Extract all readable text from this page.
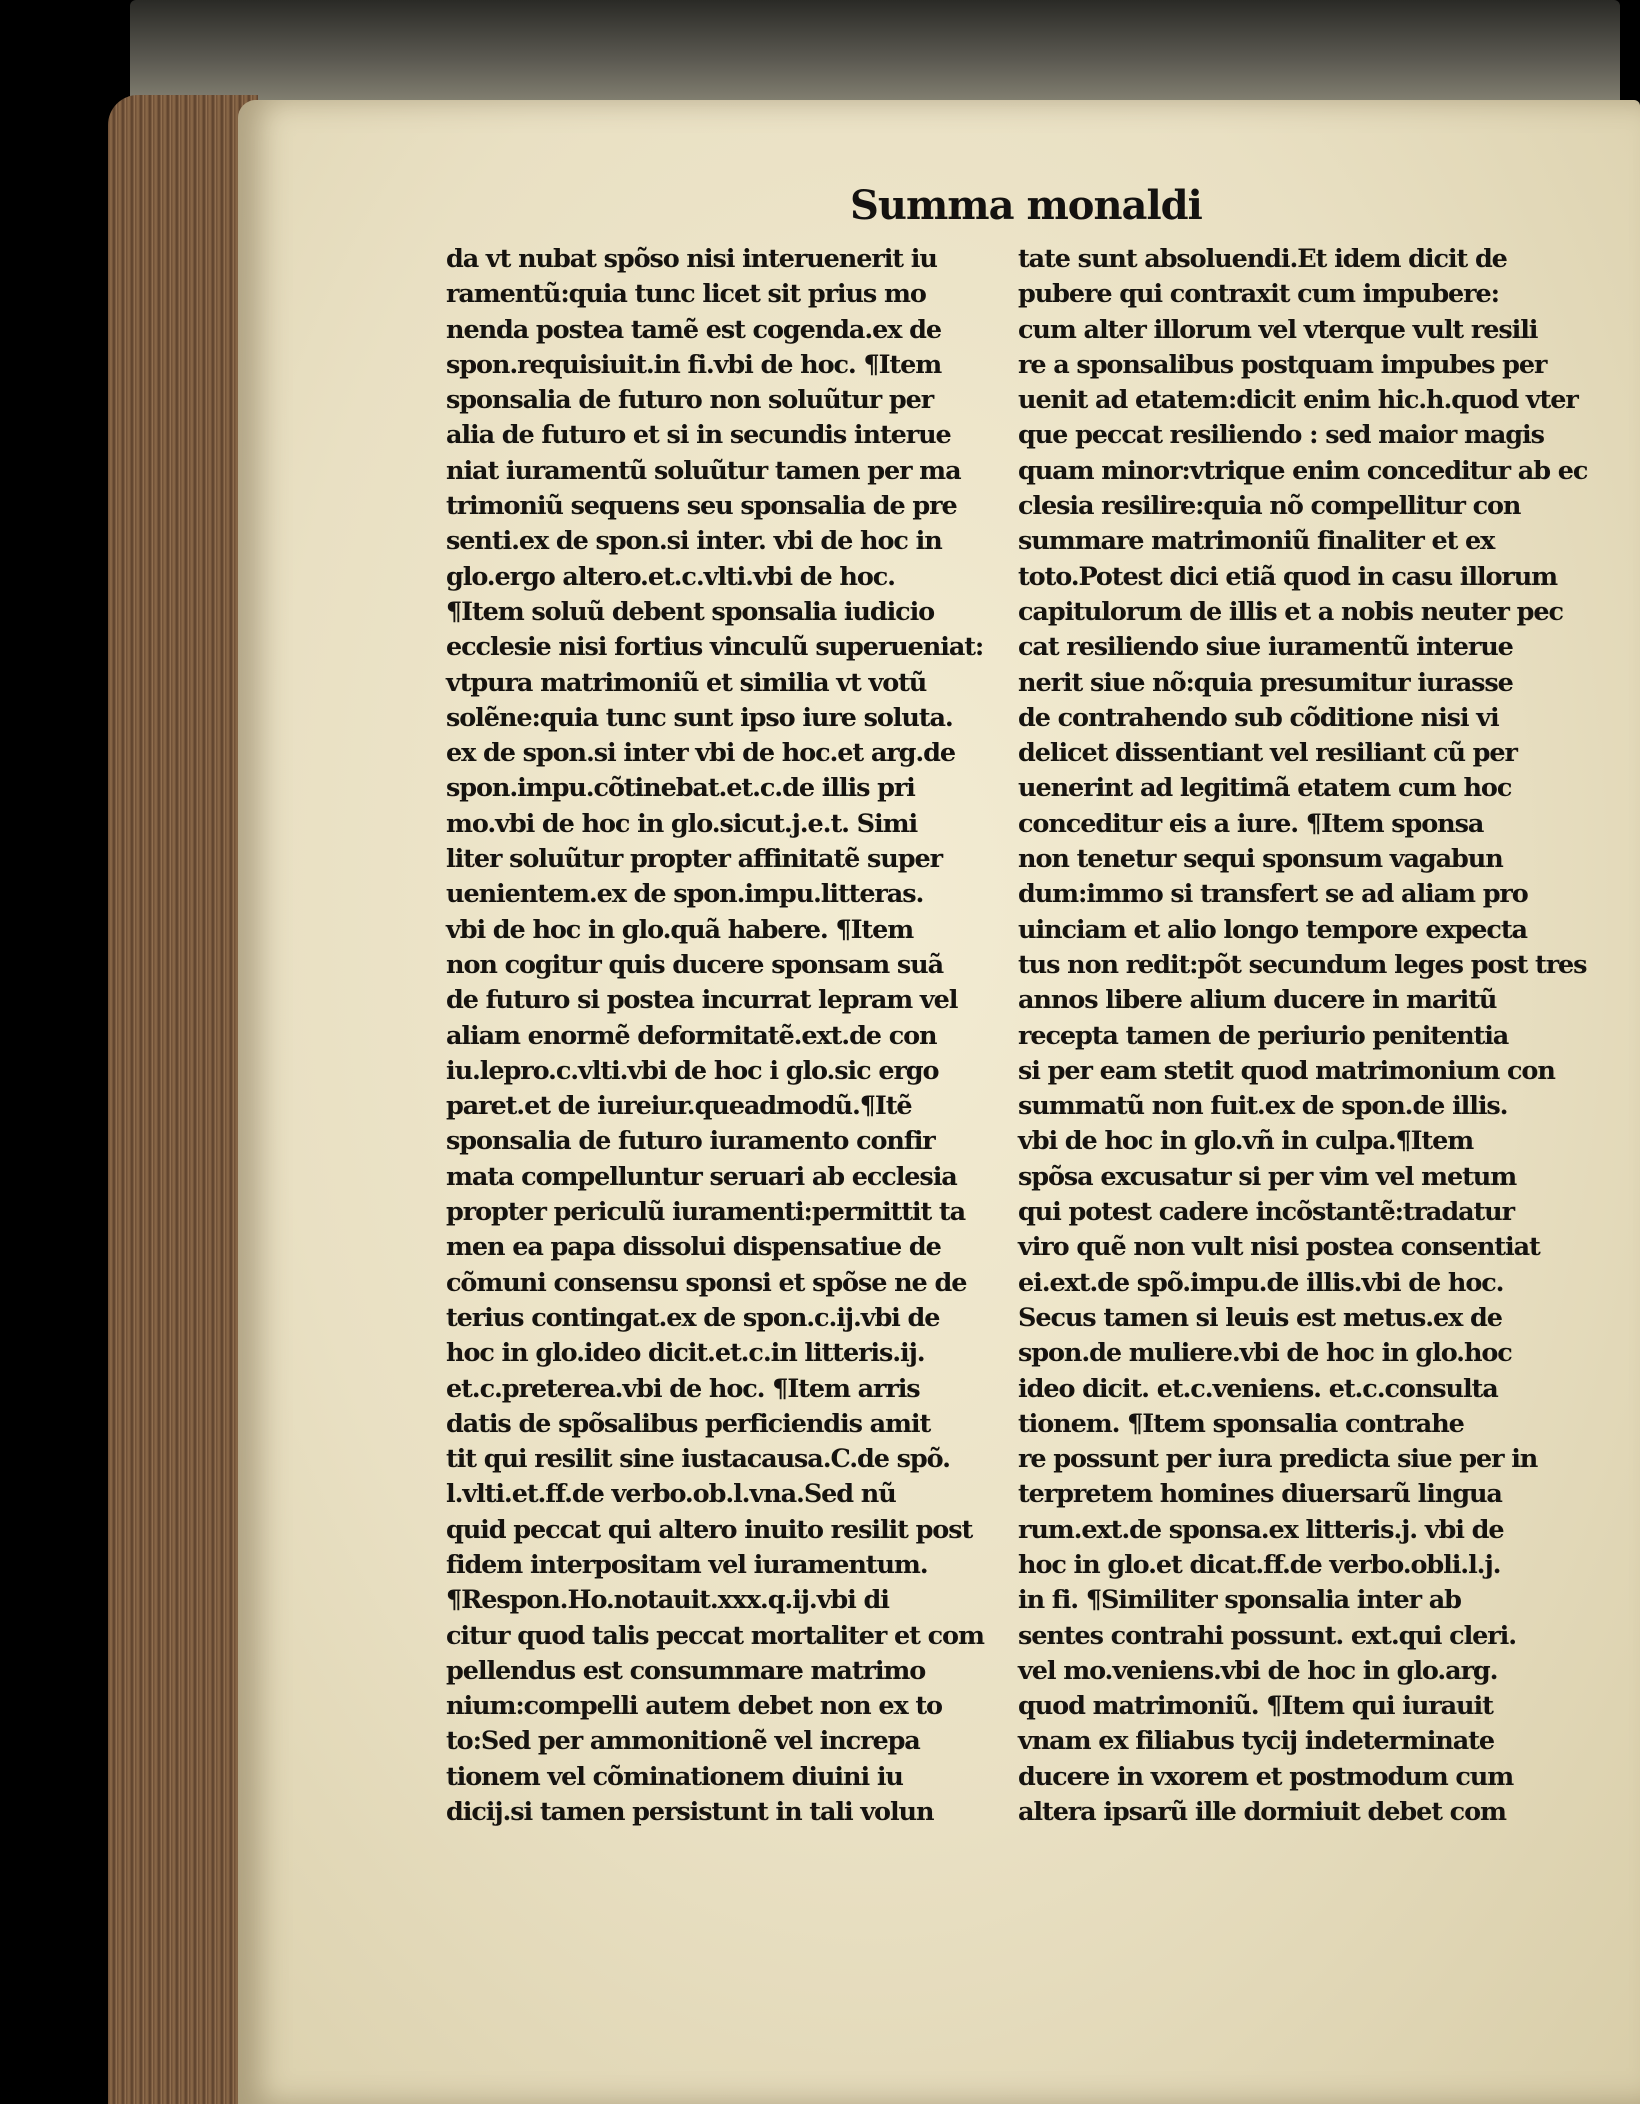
Summa monaldi
da vt nubat spõso nisi interuenerit iu
ramentũ:quia tunc licet sit prius mo
nenda postea tamẽ est cogenda.ex de
spon.requisiuit.in fi.vbi de hoc. ¶Item
sponsalia de futuro non soluũtur per
alia de futuro et si in secundis interue
niat iuramentũ soluũtur tamen per ma
trimoniũ sequens seu sponsalia de pre
senti.ex de spon.si inter. vbi de hoc in
glo.ergo altero.et.c.vlti.vbi de hoc.
¶Item soluũ debent sponsalia iudicio
ecclesie nisi fortius vinculũ superueniat:
vtpura matrimoniũ et similia vt votũ
solẽne:quia tunc sunt ipso iure soluta.
ex de spon.si inter vbi de hoc.et arg.de
spon.impu.cõtinebat.et.c.de illis pri
mo.vbi de hoc in glo.sicut.j.e.t. Simi
liter soluũtur propter affinitatẽ super
uenientem.ex de spon.impu.litteras.
vbi de hoc in glo.quã habere. ¶Item
non cogitur quis ducere sponsam suã
de futuro si postea incurrat lepram vel
aliam enormẽ deformitatẽ.ext.de con
iu.lepro.c.vlti.vbi de hoc i glo.sic ergo
paret.et de iureiur.queadmodũ.¶Itẽ
sponsalia de futuro iuramento confir
mata compelluntur seruari ab ecclesia
propter periculũ iuramenti:permittit ta
men ea papa dissolui dispensatiue de
cõmuni consensu sponsi et spõse ne de
terius contingat.ex de spon.c.ij.vbi de
hoc in glo.ideo dicit.et.c.in litteris.ij.
et.c.preterea.vbi de hoc. ¶Item arris
datis de spõsalibus perficiendis amit
tit qui resilit sine iustacausa.C.de spõ.
l.vlti.et.ff.de verbo.ob.l.vna.Sed nũ
quid peccat qui altero inuito resilit post
fidem interpositam vel iuramentum.
¶Respon.Ho.notauit.xxx.q.ij.vbi di
citur quod talis peccat mortaliter et com
pellendus est consummare matrimo
nium:compelli autem debet non ex to
to:Sed per ammonitionẽ vel increpa
tionem vel cõminationem diuini iu
dicij.si tamen persistunt in tali volun
tate sunt absoluendi.Et idem dicit de
pubere qui contraxit cum impubere:
cum alter illorum vel vterque vult resili
re a sponsalibus postquam impubes per
uenit ad etatem:dicit enim hic.h.quod vter
que peccat resiliendo : sed maior magis
quam minor:vtrique enim conceditur ab ec
clesia resilire:quia nõ compellitur con
summare matrimoniũ finaliter et ex
toto.Potest dici etiã quod in casu illorum
capitulorum de illis et a nobis neuter pec
cat resiliendo siue iuramentũ interue
nerit siue nõ:quia presumitur iurasse
de contrahendo sub cõditione nisi vi
delicet dissentiant vel resiliant cũ per
uenerint ad legitimã etatem cum hoc
conceditur eis a iure. ¶Item sponsa
non tenetur sequi sponsum vagabun
dum:immo si transfert se ad aliam pro
uinciam et alio longo tempore expecta
tus non redit:põt secundum leges post tres
annos libere alium ducere in maritũ
recepta tamen de periurio penitentia
si per eam stetit quod matrimonium con
summatũ non fuit.ex de spon.de illis.
vbi de hoc in glo.vñ in culpa.¶Item
spõsa excusatur si per vim vel metum
qui potest cadere incõstantẽ:tradatur
viro quẽ non vult nisi postea consentiat
ei.ext.de spõ.impu.de illis.vbi de hoc.
Secus tamen si leuis est metus.ex de
spon.de muliere.vbi de hoc in glo.hoc
ideo dicit. et.c.veniens. et.c.consulta
tionem. ¶Item sponsalia contrahe
re possunt per iura predicta siue per in
terpretem homines diuersarũ lingua
rum.ext.de sponsa.ex litteris.j. vbi de
hoc in glo.et dicat.ff.de verbo.obli.l.j.
in fi. ¶Similiter sponsalia inter ab
sentes contrahi possunt. ext.qui cleri.
vel mo.veniens.vbi de hoc in glo.arg.
quod matrimoniũ. ¶Item qui iurauit
vnam ex filiabus tycij indeterminate
ducere in vxorem et postmodum cum
altera ipsarũ ille dormiuit debet com
